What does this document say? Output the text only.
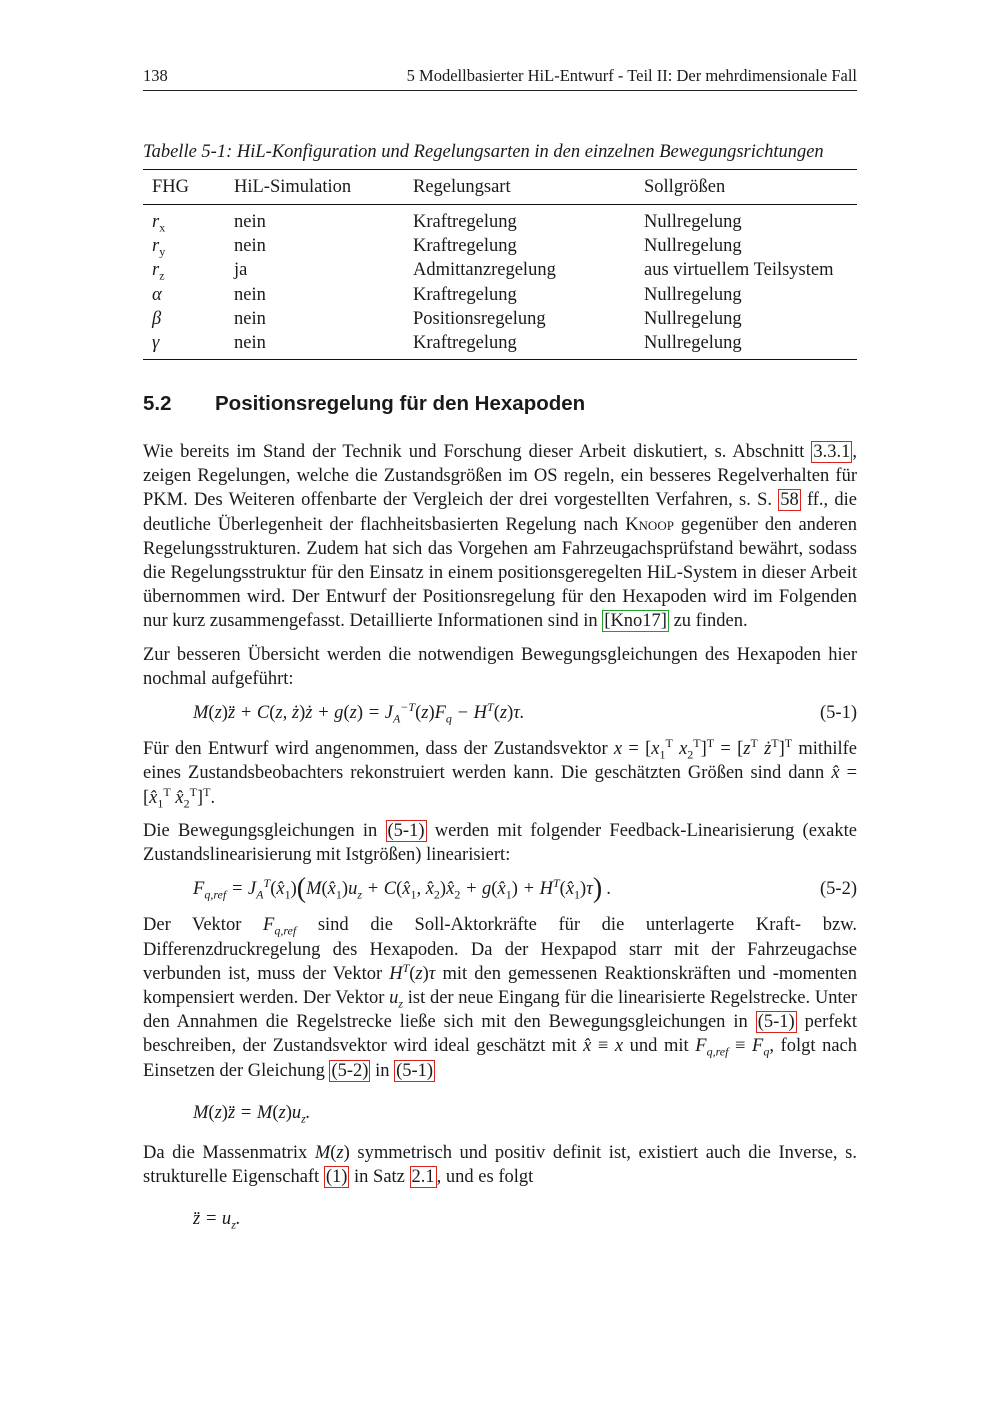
138	5 Modellbasierter HiL-Entwurf - Teil II: Der mehrdimensionale Fall
Tabelle 5-1: HiL-Konfiguration und Regelungsarten in den einzelnen Bewegungsrichtungen
FHG	HiL-Simulation	Regelungsart	Sollgrößen
$r_x$	nein	Kraftregelung	Nullregelung
$r_y$	nein	Kraftregelung	Nullregelung
$r_z$	ja	Admittanzregelung	aus virtuellem Teilsystem
α	nein	Kraftregelung	Nullregelung
β	nein	Positionsregelung	Nullregelung
γ	nein	Kraftregelung	Nullregelung
5.2 Positionsregelung für den Hexapoden

Wie bereits im Stand der Technik und Forschung dieser Arbeit diskutiert, s. Abschnitt 3.3.1 , zeigen Regelungen, welche die Zustandsgrößen im OS regeln, ein besseres Regelverhalten für PKM. Des Weiteren offenbarte der Vergleich der drei vorgestellten Verfahren, s. S. 58 ff., die deutliche Überlegenheit der flachheitsbasierten Regelung nach Knoop gegenüber den anderen Regelungsstrukturen. Zudem hat sich das Vorgehen am Fahrzeugachsprüfstand bewährt, sodass die Regelungsstruktur für den Einsatz in einem positionsgeregelten HiL-System in dieser Arbeit übernommen wird. Der Entwurf der Positionsregelung für den Hexapoden wird im Folgenden nur kurz zusammengefasst. Detaillierte Informationen sind in [Kno17] zu finden.

Zur besseren Übersicht werden die notwendigen Bewegungsgleichungen des Hexapoden hier nochmal aufgeführt:

M(z)z̈̈ + C(z, ż)ż + $g(z) = J_A^{-T}(z)F_q - H^T(z)\tau$.	(5-1)

Für den Entwurf wird angenommen, dass der Zustandsvektor $x = [x_1^T$ $x_2^T]^T = [z^T$ $ż^T]^T$ mithilfe eines Zustandsbeobachters rekonstruiert werden kann. Die geschätzten Größen sind dann x̂ = [$x̂_1^T$ $x̂_2^T]^T$.

Die Bewegungsgleichungen in (5-1) werden mit folgender Feedback-Linearisierung (exakte Zustandslinearisierung mit Istgrößen) linearisiert:

$F_{q,ref}$ = $J_A^T(x̂_1)(M(x̂_1)u_z$ + $C(x̂_1$, $x̂_2)x̂_2$ + $g(x̂_1)$ + $H^T(x̂_1)\tau$) .	(5-2)

Der Vektor $F_{q,ref}$ sind die Soll-Aktorkräfte für die unterlagerte Kraft- bzw. Differenzdruckregelung des Hexapoden. Da der Hexpapod starr mit der Fahrzeugachse verbunden ist, muss der Vektor $H^T(z)\tau$ mit den gemessenen Reaktionskräften und -momenten kompensiert werden. Der Vektor $u_z$ ist der neue Eingang für die linearisierte Regelstrecke. Unter den Annahmen die Regelstrecke ließe sich mit den Bewegungsgleichungen in (5-1) perfekt beschreiben, der Zustandsvektor wird ideal geschätzt mit x̂ ≡ x und mit $F_{q,ref} \equiv F_q$, folgt nach Einsetzen der Gleichung (5-2) in (5-1)

M(z)z̈̈ = $M(z)u_z$.

Da die Massenmatrix M(z) symmetrisch und positiv definit ist, existiert auch die Inverse, s. strukturelle Eigenschaft (1) in Satz 2.1 , und es folgt

z̈̈ = $u_z$.
